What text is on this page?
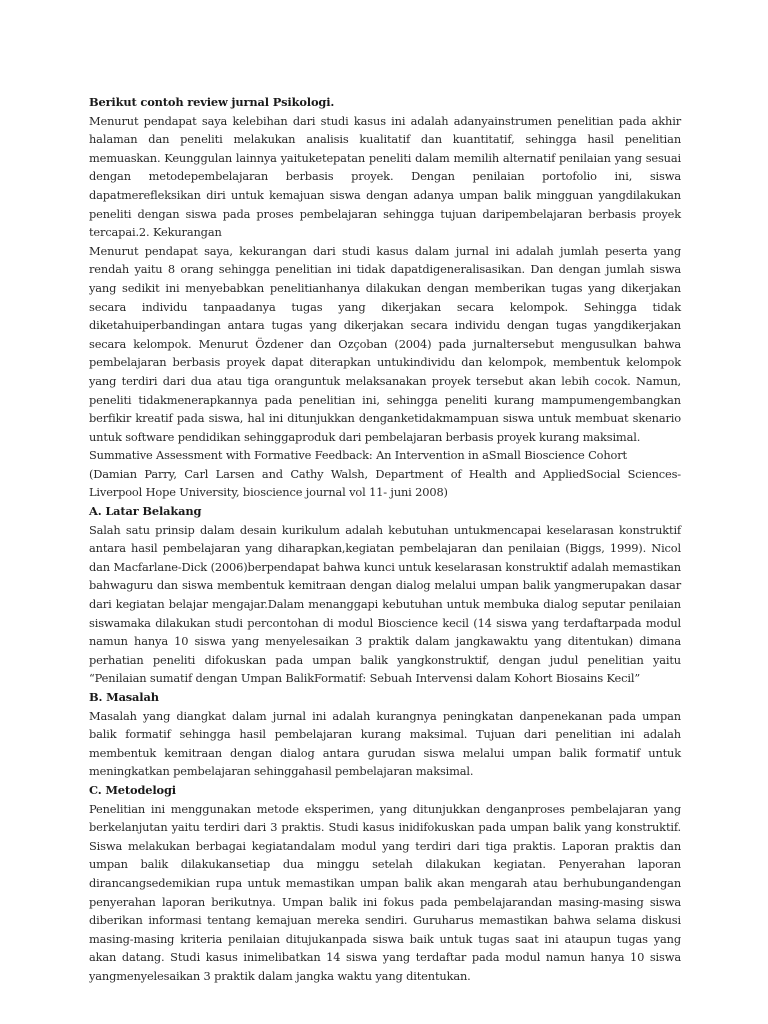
Berikut contoh review jurnal Psikologi.

Menurut pendapat saya kelebihan dari studi kasus ini adalah adanyainstrumen penelitian pada akhir halaman dan peneliti melakukan analisis kualitatif dan kuantitatif, sehingga hasil penelitian memuaskan. Keunggulan lainnya yaituketepatan peneliti dalam memilih alternatif penilaian yang sesuai dengan metodepembelajaran berbasis proyek. Dengan penilaian portofolio ini, siswa dapatmerefleksikan diri untuk kemajuan siswa dengan adanya umpan balik mingguan yangdilakukan peneliti dengan siswa pada proses pembelajaran sehingga tujuan daripembelajaran berbasis proyek tercapai.2. Kekurangan

Menurut pendapat saya, kekurangan dari studi kasus dalam jurnal ini adalah jumlah peserta yang rendah yaitu 8 orang sehingga penelitian ini tidak dapatdigeneralisasikan. Dan dengan jumlah siswa yang sedikit ini menyebabkan penelitianhanya dilakukan dengan memberikan tugas yang dikerjakan secara individu tanpaadanya tugas yang dikerjakan secara kelompok. Sehingga tidak diketahuiperbandingan antara tugas yang dikerjakan secara individu dengan tugas yangdikerjakan secara kelompok. Menurut Özdener dan Ozçoban (2004) pada jurnaltersebut mengusulkan bahwa pembelajaran berbasis proyek dapat diterapkan untukindividu dan kelompok, membentuk kelompok yang terdiri dari dua atau tiga oranguntuk melaksanakan proyek tersebut akan lebih cocok. Namun, peneliti tidakmenerapkannya pada penelitian ini, sehingga peneliti kurang mampumengembangkan berfikir kreatif pada siswa, hal ini ditunjukkan denganketidakmampuan siswa untuk membuat skenario untuk software pendidikan sehinggaproduk dari pembelajaran berbasis proyek kurang maksimal.

Summative Assessment with Formative Feedback: An Intervention in aSmall Bioscience Cohort

(Damian Parry, Carl Larsen and Cathy Walsh, Department of Health and AppliedSocial Sciences-Liverpool Hope University, bioscience journal vol 11- juni 2008)

A. Latar Belakang

Salah satu prinsip dalam desain kurikulum adalah kebutuhan untukmencapai keselarasan konstruktif antara hasil pembelajaran yang diharapkan,kegiatan pembelajaran dan penilaian (Biggs, 1999). Nicol dan Macfarlane-Dick (2006)berpendapat bahwa kunci untuk keselarasan konstruktif adalah memastikan bahwaguru dan siswa membentuk kemitraan dengan dialog melalui umpan balik yangmerupakan dasar dari kegiatan belajar mengajar.Dalam menanggapi kebutuhan untuk membuka dialog seputar penilaian siswamaka dilakukan studi percontohan di modul Bioscience kecil (14 siswa yang terdaftarpada modul namun hanya 10 siswa yang menyelesaikan 3 praktik dalam jangkawaktu yang ditentukan) dimana perhatian peneliti difokuskan pada umpan balik yangkonstruktif, dengan judul penelitian yaitu “Penilaian sumatif dengan Umpan BalikFormatif: Sebuah Intervensi dalam Kohort Biosains Kecil”

B. Masalah

Masalah yang diangkat dalam jurnal ini adalah kurangnya peningkatan danpenekanan pada umpan balik formatif sehingga hasil pembelajaran kurang maksimal. Tujuan dari penelitian ini adalah membentuk kemitraan dengan dialog antara gurudan siswa melalui umpan balik formatif untuk meningkatkan pembelajaran sehinggahasil pembelajaran maksimal.

C. Metodelogi

Penelitian ini menggunakan metode eksperimen, yang ditunjukkan denganproses pembelajaran yang berkelanjutan yaitu terdiri dari 3 praktis. Studi kasus inidifokuskan pada umpan balik yang konstruktif. Siswa melakukan berbagai kegiatandalam modul yang terdiri dari tiga praktis. Laporan praktis dan umpan balik dilakukansetiap dua minggu setelah dilakukan kegiatan. Penyerahan laporan dirancangsedemikian rupa untuk memastikan umpan balik akan mengarah atau berhubungandengan penyerahan laporan berikutnya. Umpan balik ini fokus pada pembelajarandan masing-masing siswa diberikan informasi tentang kemajuan mereka sendiri. Guruharus memastikan bahwa selama diskusi masing-masing kriteria penilaian ditujukanpada siswa baik untuk tugas saat ini ataupun tugas yang akan datang. Studi kasus inimelibatkan 14 siswa yang terdaftar pada modul namun hanya 10 siswa yangmenyelesaikan 3 praktik dalam jangka waktu yang ditentukan.
